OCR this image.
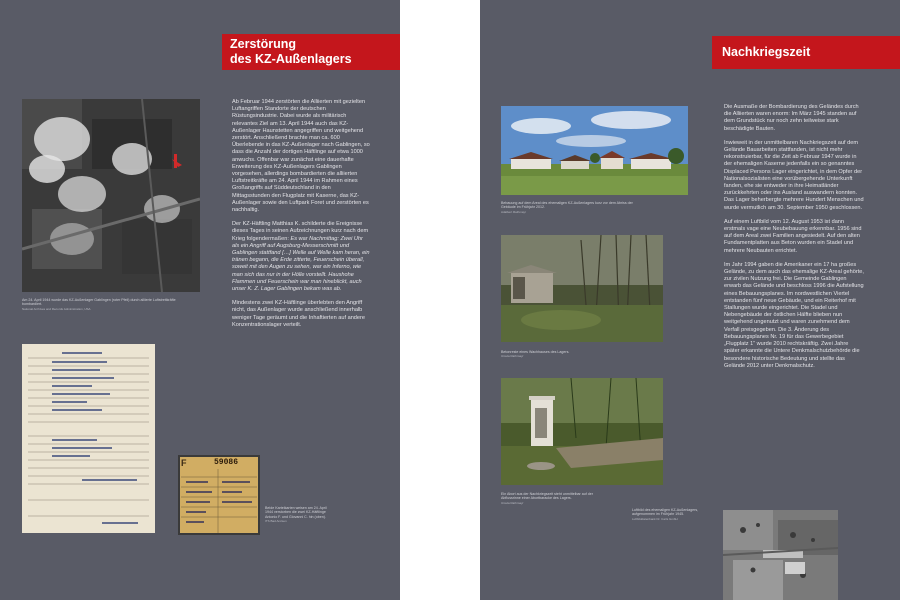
Zerstörung
des KZ-Außenlagers
Am 24. April 1944 wurde das KZ-Außenlager Gablingen (roter Pfeil) durch alliierte Luftstreitkräfte bombardiert.
National Archives and Records Administration, USA
F	59086
Beide Karteikarten weisen am 24. April 1944 verstorben die zwei KZ-Häftlinge Antonio F. und Giovanni C. hin (oben).
ITS Bad Arolsen

Ab Februar 1944 zerstörten die Alliierten mit gezielten Luftangriffen Standorte der deutschen Rüstungsindustrie. Dabei wurde als militärisch relevantes Ziel am 13. April 1944 auch das KZ-Außenlager Haunstetten angegriffen und weitgehend zerstört. Anschließend brachte man ca. 600 Überlebende in das KZ-Außenlager nach Gablingen, so dass die Anzahl der dortigen Häftlinge auf etwa 1000 anwuchs. Offenbar war zunächst eine dauerhafte Erweiterung des KZ-Außenlagers Gablingen vorgesehen, allerdings bombardierten die alliierten Luftstreitkräfte am 24. April 1944 im Rahmen eines Großangriffs auf Süddeutschland in den Mittagsstunden den Flugplatz mit Kaserne, das KZ-Außenlager sowie den Luftpark Foret und zerstörten es nachhaltig.

Der KZ-Häftling Matthias K. schilderte die Ereignisse dieses Tages in seinen Aufzeichnungen kurz nach dem Krieg folgendermaßen: Es war Nachmittag: Zwei Uhr als ein Angriff auf Augsburg-Messerschmitt und Gablingen stattfand […] Welle auf Welle kam heran, ein tränen begann, die Erde zitterte, Feuerschein überall, soweit mit den Augen zu sehen, war ein Inferno, wie man sich das nur in der Hölle vorstellt. Haushohe Flammen und Feuerschein war man hineblickt, auch unser K. Z. Lager Gablingen bekam was ab.

Mindestens zwei KZ-Häftlinge überlebten den Angriff nicht, das Außenlager wurde anschließend innerhalb weniger Tage geräumt und die Inhaftierten auf andere Konzentrationslager verteilt.

Nachkriegszeit
Bebauung auf dem Areal des ehemaligen KZ-Außenlagers kurz vor dem Abriss der Gebäude im Frühjahr 2012.
Adalbert Rathmayr
Betonreste eines Wachhauses des Lagers.
Ursula Rathmayr
Ein Abort aus der Nachkriegszeit steht unmittelbar auf der Abflussrinne einer Abortbaracke des Lagers.
Ursula Rathmayr
Luftbild des ehemaligen KZ-Außenlagers, aufgenommen im Frühjahr 1945.
Luftbilddatenbank Dr. Carls GmbH

Die Ausmaße der Bombardierung des Geländes durch die Alliierten waren enorm: Im März 1945 standen auf dem Grundstück nur noch zehn teilweise stark beschädigte Bauten.

Inwieweit in der unmittelbaren Nachkriegszeit auf dem Gelände Bauarbeiten stattfanden, ist nicht mehr rekonstruierbar, für die Zeit ab Februar 1947 wurde in der ehemaligen Kaserne jedenfalls ein so genanntes Displaced Persons Lager eingerichtet, in dem Opfer der Nationalsozialisten eine vorübergehende Unterkunft fanden, ehe sie entweder in ihre Heimatländer zurückkehrten oder ins Ausland auswandern konnten. Das Lager beherbergte mehrere Hundert Menschen und wurde vermutlich am 30. September 1950 geschlossen.

Auf einem Luftbild vom 12. August 1953 ist dann erstmals vage eine Neubebauung erkennbar. 1956 sind auf dem Areal zwei Familien angesiedelt. Auf den alten Fundamentplatten aus Beton wurden ein Stadel und mehrere Neubauten errichtet.

Im Jahr 1994 gaben die Amerikaner ein 17 ha großes Gelände, zu dem auch das ehemalige KZ-Areal gehörte, zur zivilen Nutzung frei. Die Gemeinde Gablingen erwarb das Gelände und beschloss 1996 die Aufstellung eines Bebauungsplanes. Im nordwestlichen Viertel entstanden fünf neue Gebäude, und ein Reiterhof mit Stallungen wurde eingerichtet. Die Stadel und Nebengebäude der östlichen Hälfte blieben nun weitgehend ungenutzt und waren zunehmend dem Verfall preisgegeben. Die 3. Änderung des Bebauungsplanes Nr. 19 für das Gewerbegebiet „Flugplatz 1“ wurde 2010 rechtskräftig. Zwei Jahre später erkannte die Untere Denkmalschutzbehörde die besondere historische Bedeutung und stellte das Gelände 2012 unter Denkmalschutz.
